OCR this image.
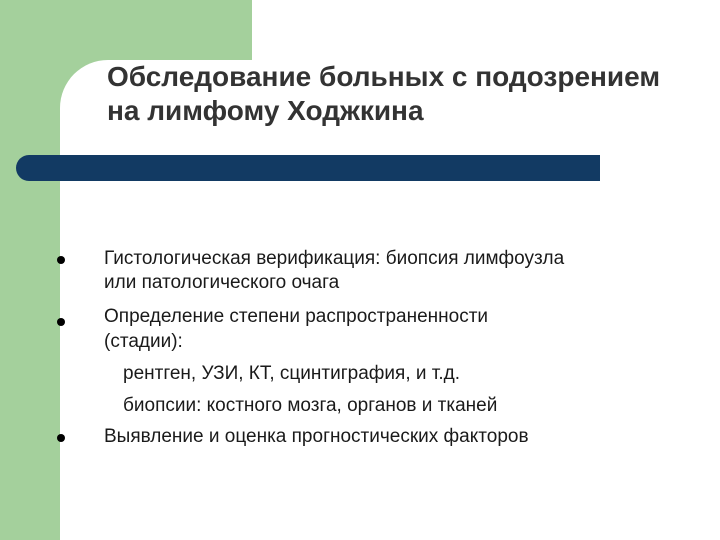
Обследование больных с подозрением
на лимфому Ходжкина
Гистологическая верификация: биопсия лимфоузла
или патологического очага
Определение степени распространенности
(стадии):
рентген, УЗИ, КТ, сцинтиграфия, и т.д.
биопсии: костного мозга, органов и тканей
Выявление и оценка прогностических факторов
